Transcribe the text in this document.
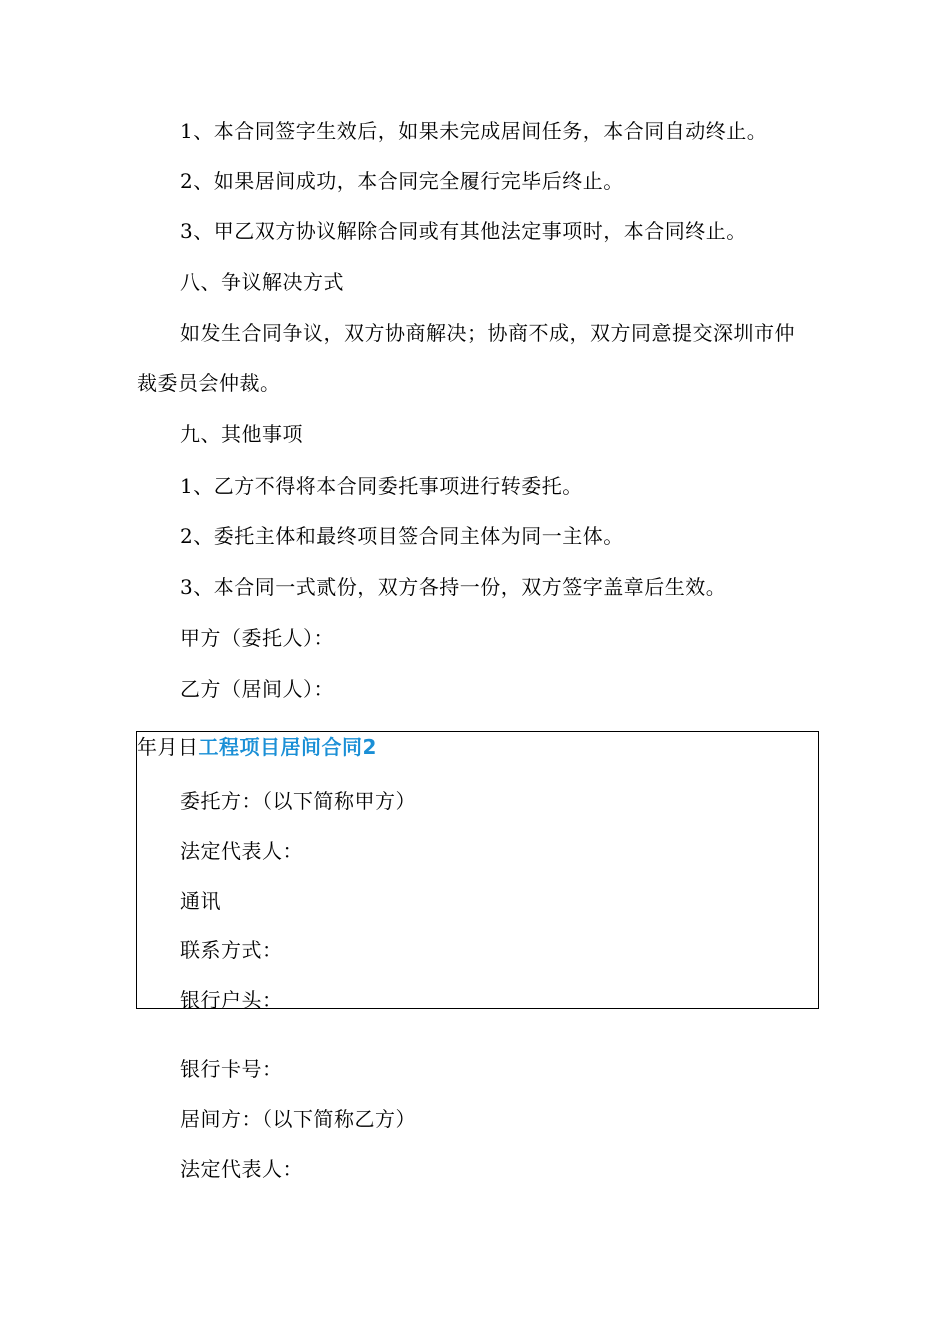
1、本合同签字生效后，如果未完成居间任务，本合同自动终止。
2、如果居间成功，本合同完全履行完毕后终止。
3、甲乙双方协议解除合同或有其他法定事项时，本合同终止。
八、争议解决方式
如发生合同争议，双方协商解决；协商不成，双方同意提交深圳市仲
裁委员会仲裁。
九、其他事项
1、乙方不得将本合同委托事项进行转委托。
2、委托主体和最终项目签合同主体为同一主体。
3、本合同一式贰份，双方各持一份，双方签字盖章后生效。
甲方（委托人）：
乙方（居间人）：
年月日工程项目居间合同2
委托方：（以下简称甲方）
法定代表人：
通讯
联系方式：
银行户头：
银行卡号：
居间方：（以下简称乙方）
法定代表人：
